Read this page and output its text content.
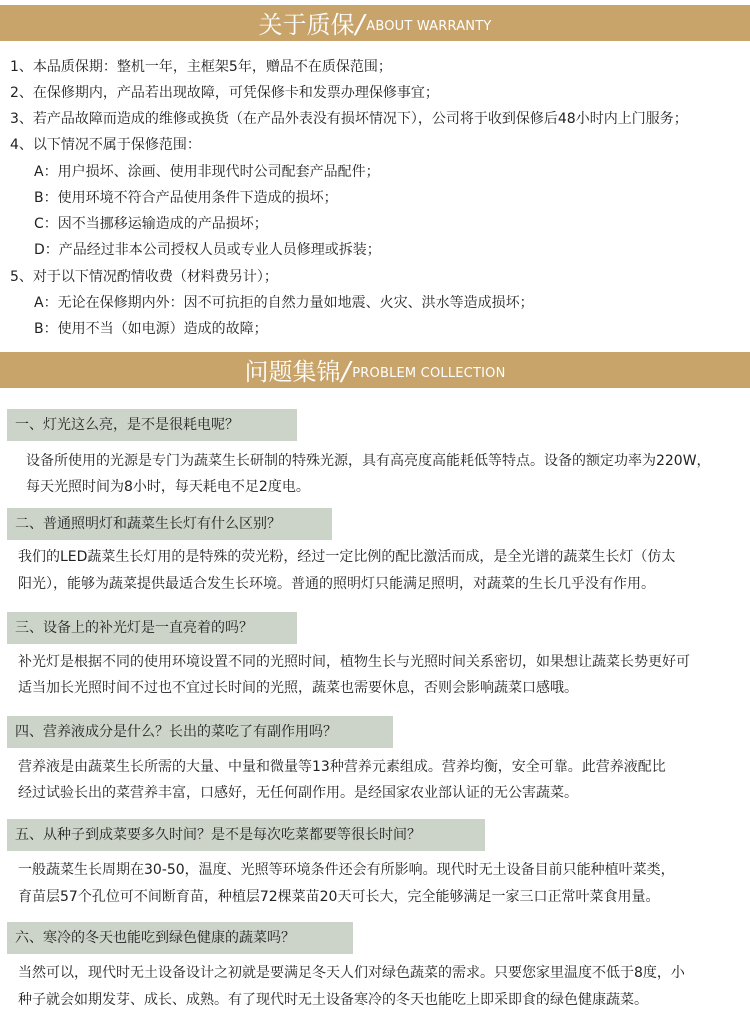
关于质保 / ABOUT WARRANTY
1、本品质保期：整机一年，主框架5年，赠品不在质保范围；
2、在保修期内，产品若出现故障，可凭保修卡和发票办理保修事宜；
3、若产品故障而造成的维修或换货（在产品外表没有损坏情况下），公司将于收到保修后48小时内上门服务；
4、以下情况不属于保修范围：
A：用户损坏、涂画、使用非现代时公司配套产品配件；
B：使用环境不符合产品使用条件下造成的损坏；
C：因不当挪移运输造成的产品损坏；
D：产品经过非本公司授权人员或专业人员修理或拆装；
5、对于以下情况酌情收费（材料费另计）；
A：无论在保修期内外：因不可抗拒的自然力量如地震、火灾、洪水等造成损坏；
B：使用不当（如电源）造成的故障；
问题集锦 / PROBLEM COLLECTION
一、灯光这么亮，是不是很耗电呢？
设备所使用的光源是专门为蔬菜生长研制的特殊光源，具有高亮度高能耗低等特点。设备的额定功率为220W，
每天光照时间为8小时，每天耗电不足2度电。
二、普通照明灯和蔬菜生长灯有什么区别？
我们的LED蔬菜生长灯用的是特殊的荧光粉，经过一定比例的配比激活而成，是全光谱的蔬菜生长灯（仿太
阳光），能够为蔬菜提供最适合发生长环境。普通的照明灯只能满足照明，对蔬菜的生长几乎没有作用。
三、设备上的补光灯是一直亮着的吗？
补光灯是根据不同的使用环境设置不同的光照时间，植物生长与光照时间关系密切，如果想让蔬菜长势更好可
适当加长光照时间不过也不宜过长时间的光照，蔬菜也需要休息，否则会影响蔬菜口感哦。
四、营养液成分是什么？长出的菜吃了有副作用吗？
营养液是由蔬菜生长所需的大量、中量和微量等13种营养元素组成。营养均衡，安全可靠。此营养液配比
经过试验长出的菜营养丰富，口感好，无任何副作用。是经国家农业部认证的无公害蔬菜。
五、从种子到成菜要多久时间？是不是每次吃菜都要等很长时间？
一般蔬菜生长周期在30-50，温度、光照等环境条件还会有所影响。现代时无土设备目前只能种植叶菜类，
育苗层57个孔位可不间断育苗，种植层72棵菜苗20天可长大，完全能够满足一家三口正常叶菜食用量。
六、寒冷的冬天也能吃到绿色健康的蔬菜吗？
当然可以，现代时无土设备设计之初就是要满足冬天人们对绿色蔬菜的需求。只要您家里温度不低于8度，小
种子就会如期发芽、成长、成熟。有了现代时无土设备寒冷的冬天也能吃上即采即食的绿色健康蔬菜。
